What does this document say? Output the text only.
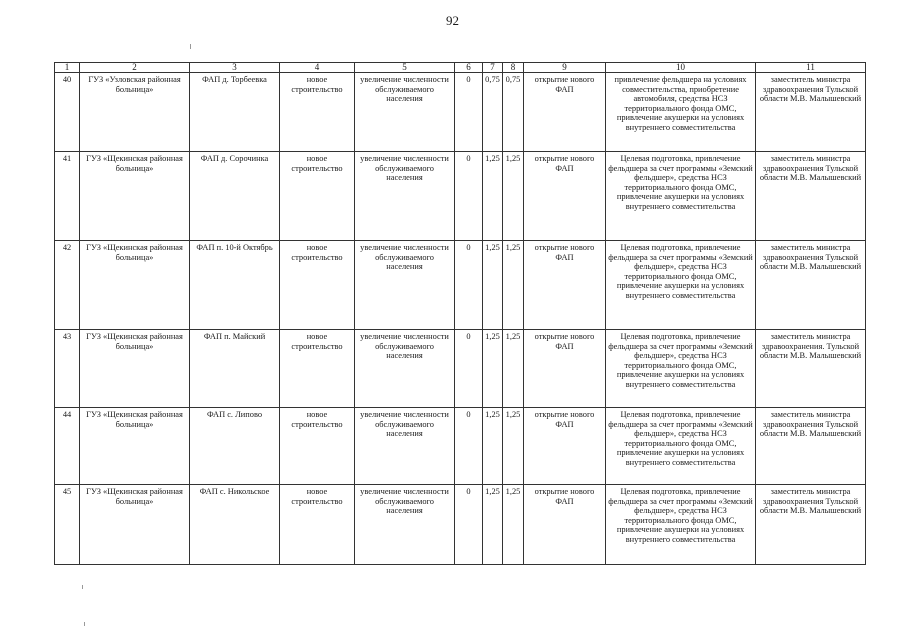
92
1	2	3	4	5	6	7	8	9	10	11
40	ГУЗ «Узловская районная больница»	ФАП д. Торбеевка	новое строительство	увеличение численности обслуживаемого населения	0	0,75	0,75	открытие нового ФАП	привлечение фельдшера на условиях совместительства, приобретение автомобиля, средства НСЗ территориального фонда ОМС, привлечение акушерки на условиях внутреннего совместительства	заместитель министра здравоохранения Тульской области М.В. Малышевский
41	ГУЗ «Щекинская районная больница»	ФАП д. Сорочинка	новое строительство	увеличение численности обслуживаемого населения	0	1,25	1,25	открытие нового ФАП	Целевая подготовка, привлечение фельдшера за счет программы «Земский фельдшер», средства НСЗ территориального фонда ОМС, привлечение акушерки на условиях внутреннего совместительства	заместитель министра здравоохранения Тульской области М.В. Малышевский
42	ГУЗ «Щекинская районная больница»	ФАП п. 10-й Октябрь	новое строительство	увеличение численности обслуживаемого населения	0	1,25	1,25	открытие нового ФАП	Целевая подготовка, привлечение фельдшера за счет программы «Земский фельдшер», средства НСЗ территориального фонда ОМС, привлечение акушерки на условиях внутреннего совместительства	заместитель министра здравоохранения Тульской области М.В. Малышевский
43	ГУЗ «Щекинская районная больница»	ФАП п. Майский	новое строительство	увеличение численности обслуживаемого населения	0	1,25	1,25	открытие нового ФАП	Целевая подготовка, привлечение фельдшера за счет программы «Земский фельдшер», средства НСЗ территориального фонда ОМС, привлечение акушерки на условиях внутреннего совместительства	заместитель министра здравоохранения. Тульской области М.В. Малышевский
44	ГУЗ «Щекинская районная больница»	ФАП с. Липово	новое строительство	увеличение численности обслуживаемого населения	0	1,25	1,25	открытие нового ФАП	Целевая подготовка, привлечение фельдшера за счет программы «Земский фельдшер», средства НСЗ территориального фонда ОМС, привлечение акушерки на условиях внутреннего совместительства	заместитель министра здравоохранения Тульской области М.В. Малышевский
45	ГУЗ «Щекинская районная больница»	ФАП с. Никольское	новое строительство	увеличение численности обслуживаемого населения	0	1,25	1,25	открытие нового ФАП	Целевая подготовка, привлечение фельдшера за счет программы «Земский фельдшер», средства НСЗ территориального фонда ОМС, привлечение акушерки на условиях внутреннего совместительства	заместитель министра здравоохранения Тульской области М.В. Малышевский
